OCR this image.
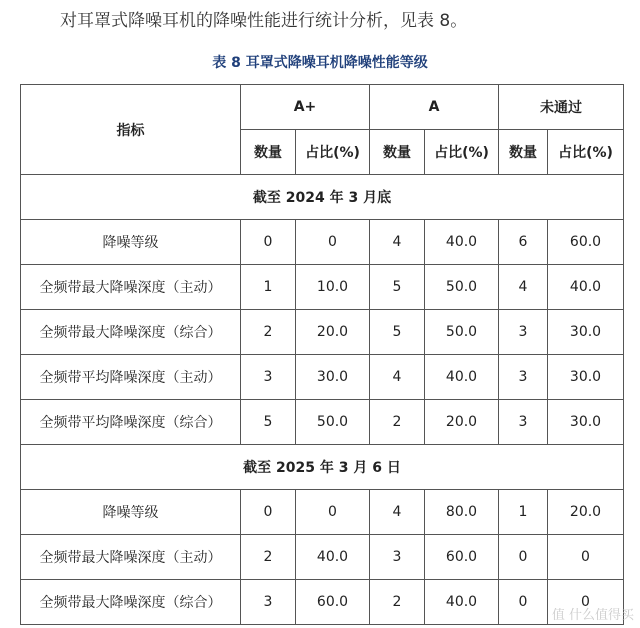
对耳罩式降噪耳机的降噪性能进行统计分析，见表 8。
表 8 耳罩式降噪耳机降噪性能等级
指标	A+		A		未通过	
	数量	占比(%)	数量	占比(%)	数量	占比(%)
截至 2024 年 3 月底						
降噪等级	0	0	4	40.0	6	60.0
全频带最大降噪深度（主动）	1	10.0	5	50.0	4	40.0
全频带最大降噪深度（综合）	2	20.0	5	50.0	3	30.0
全频带平均降噪深度（主动）	3	30.0	4	40.0	3	30.0
全频带平均降噪深度（综合）	5	50.0	2	20.0	3	30.0
截至 2025 年 3 月 6 日						
降噪等级	0	0	4	80.0	1	20.0
全频带最大降噪深度（主动）	2	40.0	3	60.0	0	0
全频带最大降噪深度（综合）	3	60.0	2	40.0	0	0
值 什么值得买
